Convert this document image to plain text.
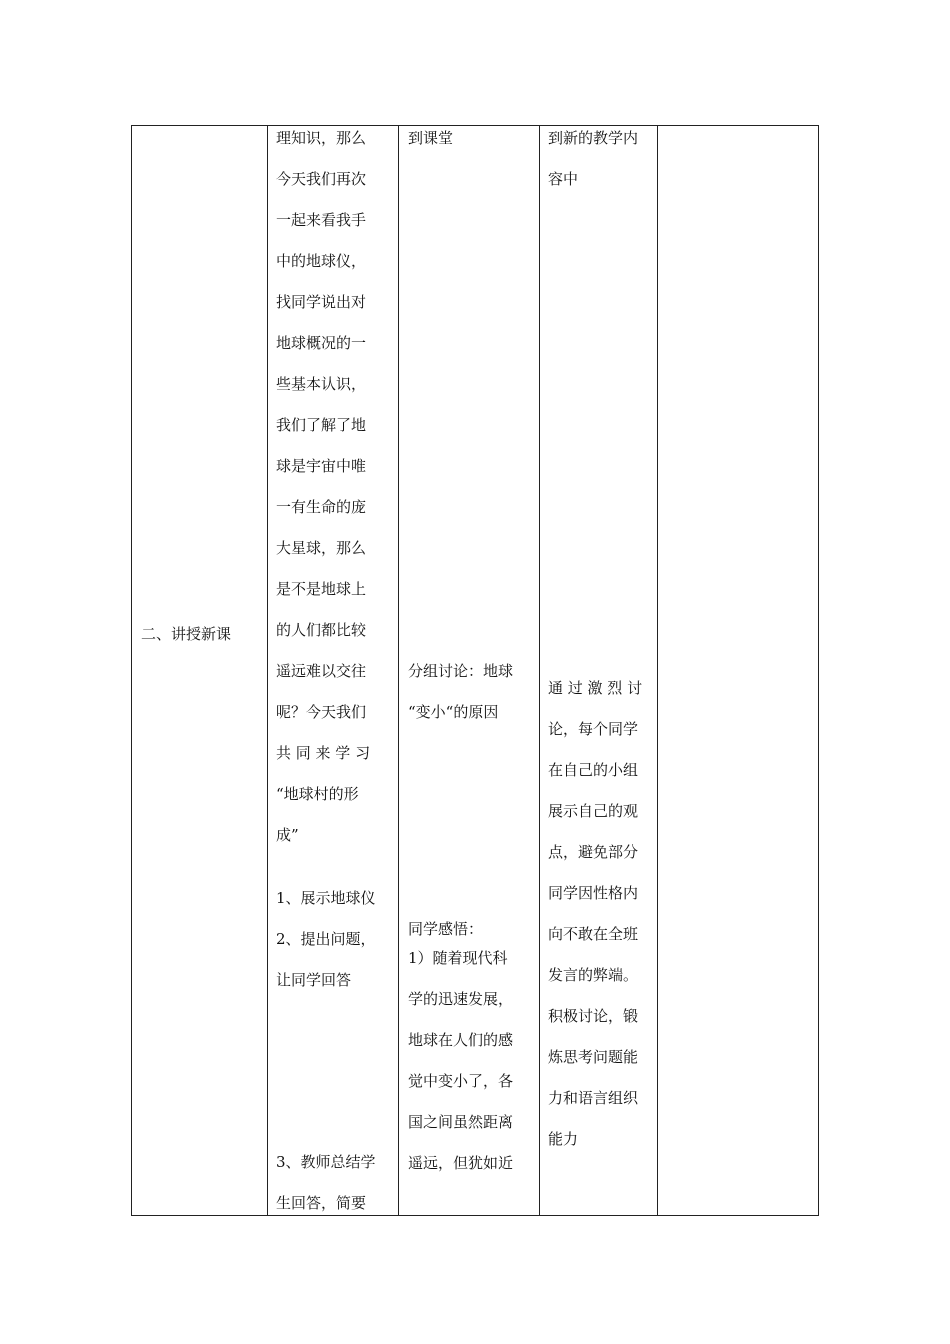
二、讲授新课
理知识，那么
今天我们再次
一起来看我手
中的地球仪，
找同学说出对
地球概况的一
些基本认识，
我们了解了地
球是宇宙中唯
一有生命的庞
大星球，那么
是不是地球上
的人们都比较
遥远难以交往
呢？今天我们
共 同 来 学 习
“地球村的形
成”
1、展示地球仪
2、提出问题，
让同学回答
3、教师总结学
生回答，简要
到课堂
分组讨论：地球
“变小“的原因
同学感悟：
1）随着现代科
学的迅速发展，
地球在人们的感
觉中变小了，各
国之间虽然距离
遥远，但犹如近
到新的教学内
容中
通 过 激 烈 讨
论，每个同学
在自己的小组
展示自己的观
点，避免部分
同学因性格内
向不敢在全班
发言的弊端。
积极讨论，锻
炼思考问题能
力和语言组织
能力
